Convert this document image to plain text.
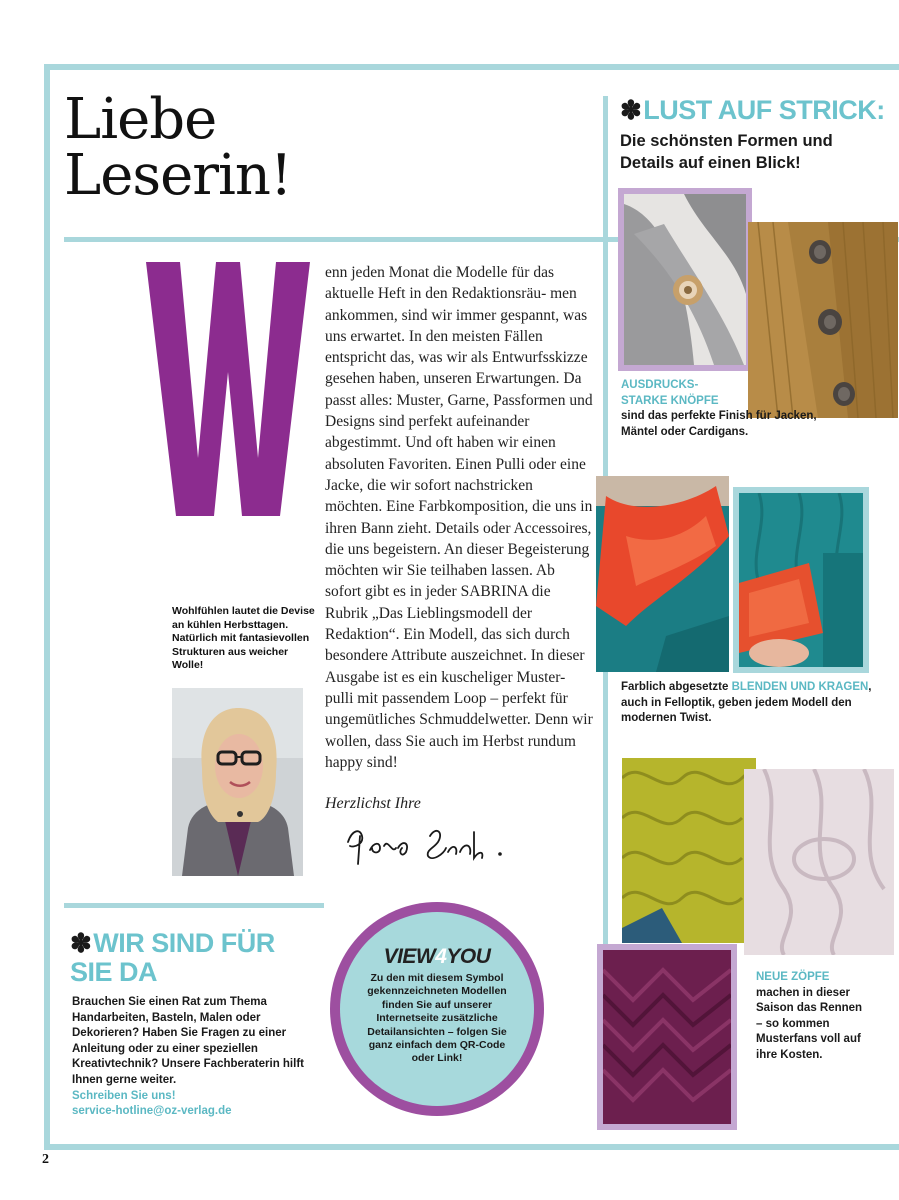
Liebe
Leserin!

enn jeden Monat die Modelle für das aktuelle Heft in den Redaktionsräu- men ankommen, sind wir immer gespannt, was uns erwartet. In den meisten Fällen entspricht das, was wir als Entwurfsskizze gesehen haben, unseren Erwartungen. Da passt alles: Muster, Garne, Passformen und Designs sind perfekt aufeinander abgestimmt. Und oft haben wir einen absoluten Favoriten. Einen Pulli oder eine Jacke, die wir sofort nachstricken möchten. Eine Farbkomposition, die uns in ihren Bann zieht. Details oder Accessoires, die uns begeistern. An dieser Begeisterung möchten wir Sie teilhaben lassen. Ab sofort gibt es in jeder SABRINA die Rubrik „Das Lieblingsmodell der Redaktion“. Ein Modell, das sich durch besondere Attribute auszeichnet. In dieser Ausgabe ist es ein kuscheliger Muster- pulli mit passendem Loop – perfekt für ungemütliches Schmuddelwetter. Denn wir wollen, dass Sie auch im Herbst rundum happy sind!

Herzlichst Ihre

Wohlfühlen lautet die Devise an kühlen Herbsttagen. Natürlich mit fantasievollen Strukturen aus weicher Wolle!

✽WIR SIND FÜR SIE DA
Brauchen Sie einen Rat zum Thema Handarbeiten, Basteln, Malen oder Dekorieren? Haben Sie Fragen zu einer Anleitung oder zu einer speziellen Kreativtechnik? Unsere Fachberaterin hilft Ihnen gerne weiter.
Schreiben Sie uns!
service-hotline@oz-verlag.de
VIEW4YOU

Zu den mit diesem Symbol gekennzeichneten Modellen finden Sie auf unserer Internetseite zusätzliche Detailansichten – folgen Sie ganz einfach dem QR-Code oder Link!

✽LUST AUF STRICK:

Die schönsten Formen und Details auf einen Blick!

AUSDRUCKS- STARKE KNÖPFE
sind das perfekte Finish für Jacken, Mäntel oder Cardigans.
Farblich abgesetzte BLENDEN UND KRAGEN, auch in Felloptik, geben jedem Modell den modernen Twist.
NEUE ZÖPFE
machen in dieser Saison das Rennen – so kommen Musterfans voll auf ihre Kosten.
2
